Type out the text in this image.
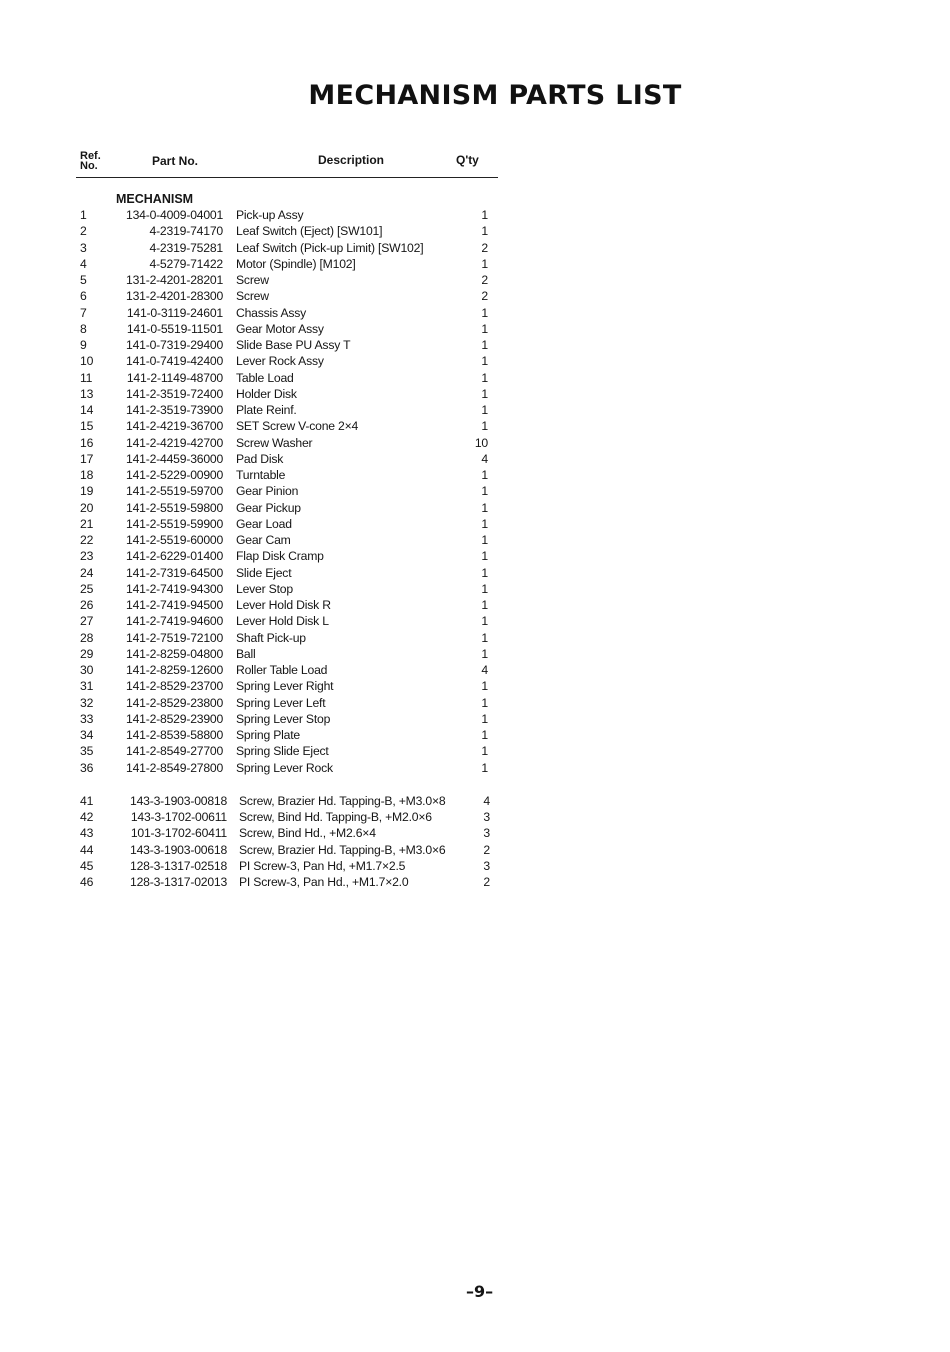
MECHANISM PARTS LIST
Ref.
No.	Part No.	Description	Q'ty
MECHANISM
1	134-0-4009-04001 Pick-up Assy	1
2	4-2319-74170 Leaf Switch (Eject) [SW101]	1
3	4-2319-75281 Leaf Switch (Pick-up Limit) [SW102]	2
4	4-5279-71422 Motor (Spindle) [M102]	1
5	131-2-4201-28201 Screw	2
6	131-2-4201-28300 Screw	2
7	141-0-3119-24601 Chassis Assy	1
8	141-0-5519-11501 Gear Motor Assy	1
9	141-0-7319-29400 Slide Base PU Assy T	1
10	141-0-7419-42400 Lever Rock Assy	1
11	141-2-1149-48700 Table Load	1
13	141-2-3519-72400 Holder Disk	1
14	141-2-3519-73900 Plate Reinf.	1
15	141-2-4219-36700 SET Screw V-cone 2×4	1
16	141-2-4219-42700 Screw Washer	10
17	141-2-4459-36000 Pad Disk	4
18	141-2-5229-00900 Turntable	1
19	141-2-5519-59700 Gear Pinion	1
20	141-2-5519-59800 Gear Pickup	1
21	141-2-5519-59900 Gear Load	1
22	141-2-5519-60000 Gear Cam	1
23	141-2-6229-01400 Flap Disk Cramp	1
24	141-2-7319-64500 Slide Eject	1
25	141-2-7419-94300 Lever Stop	1
26	141-2-7419-94500 Lever Hold Disk R	1
27	141-2-7419-94600 Lever Hold Disk L	1
28	141-2-7519-72100 Shaft Pick-up	1
29	141-2-8259-04800 Ball	1
30	141-2-8259-12600 Roller Table Load	4
31	141-2-8529-23700 Spring Lever Right	1
32	141-2-8529-23800 Spring Lever Left	1
33	141-2-8529-23900 Spring Lever Stop	1
34	141-2-8539-58800 Spring Plate	1
35	141-2-8549-27700 Spring Slide Eject	1
36	141-2-8549-27800 Spring Lever Rock	1
41	143-3-1903-00818 Screw, Brazier Hd. Tapping-B, +M3.0×8	4
42	143-3-1702-00611 Screw, Bind Hd. Tapping-B, +M2.0×6	3
43	101-3-1702-60411 Screw, Bind Hd., +M2.6×4	3
44	143-3-1903-00618 Screw, Brazier Hd. Tapping-B, +M3.0×6	2
45	128-3-1317-02518 PI Screw-3, Pan Hd, +M1.7×2.5	3
46	128-3-1317-02013 PI Screw-3, Pan Hd., +M1.7×2.0	2
–9–
